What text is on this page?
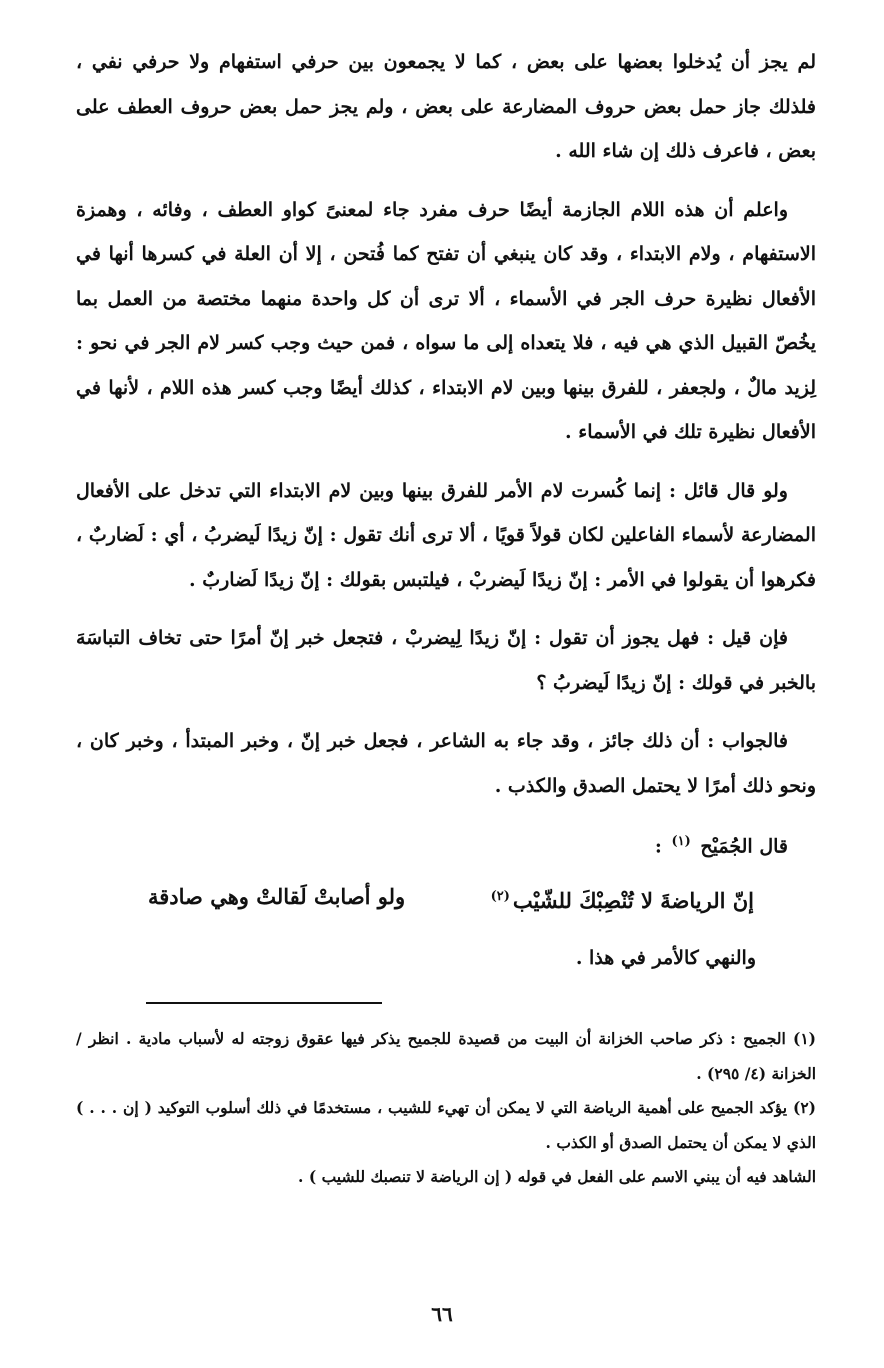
لم يجز أن يُدخلوا بعضها على بعض ، كما لا يجمعون بين حرفي استفهام ولا حرفي نفي ، فلذلك جاز حمل بعض حروف المضارعة على بعض ، ولم يجز حمل بعض حروف العطف على بعض ، فاعرف ذلك إن شاء الله .

واعلم أن هذه اللام الجازمة أيضًا حرف مفرد جاء لمعنىً كواو العطف ، وفائه ، وهمزة الاستفهام ، ولام الابتداء ، وقد كان ينبغي أن تفتح كما فُتحن ، إلا أن العلة في كسرها أنها في الأفعال نظيرة حرف الجر في الأسماء ، ألا ترى أن كل واحدة منهما مختصة من العمل بما يخُصّ القبيل الذي هي فيه ، فلا يتعداه إلى ما سواه ، فمن حيث وجب كسر لام الجر في نحو : لِزيد مالٌ ، ولجعفر ، للفرق بينها وبين لام الابتداء ، كذلك أيضًا وجب كسر هذه اللام ، لأنها في الأفعال نظيرة تلك في الأسماء .

ولو قال قائل : إنما كُسرت لام الأمر للفرق بينها وبين لام الابتداء التي تدخل على الأفعال المضارعة لأسماء الفاعلين لكان قولاً قويًا ، ألا ترى أنك تقول : إنّ زيدًا لَيضربُ ، أي : لَضاربٌ ، فكرهوا أن يقولوا في الأمر : إنّ زيدًا لَيضربْ ، فيلتبس بقولك : إنّ زيدًا لَضاربٌ .

فإن قيل : فهل يجوز أن تقول : إنّ زيدًا لِيضربْ ، فتجعل خبر إنّ أمرًا حتى تخاف التباسَهَ بالخبر في قولك : إنّ زيدًا لَيضربُ ؟

فالجواب : أن ذلك جائز ، وقد جاء به الشاعر ، فجعل خبر إنّ ، وخبر المبتدأ ، وخبر كان ، ونحو ذلك أمرًا لا يحتمل الصدق والكذب .

قال الجُمَيْح $^{(١)}$ :

إنّ الرياضةَ لا تُنْصِبْكَ للشّيْب$^{(٢)}$
ولو أصابتْ لَقالتْ وهي صادقة

والنهي كالأمر في هذا .

(١) الجميح : ذكر صاحب الخزانة أن البيت من قصيدة للجميح يذكر فيها عقوق زوجته له لأسباب مادية . انظر / الخزانة (٤/ ٢٩٥) .

(٢) يؤكد الجميح على أهمية الرياضة التي لا يمكن أن تهيء للشيب ، مستخدمًا في ذلك أسلوب التوكيد ( إن . . . ) الذي لا يمكن أن يحتمل الصدق أو الكذب .

الشاهد فيه أن يبني الاسم على الفعل في قوله ( إن الرياضة لا تنصبك للشيب ) .

٦٦
